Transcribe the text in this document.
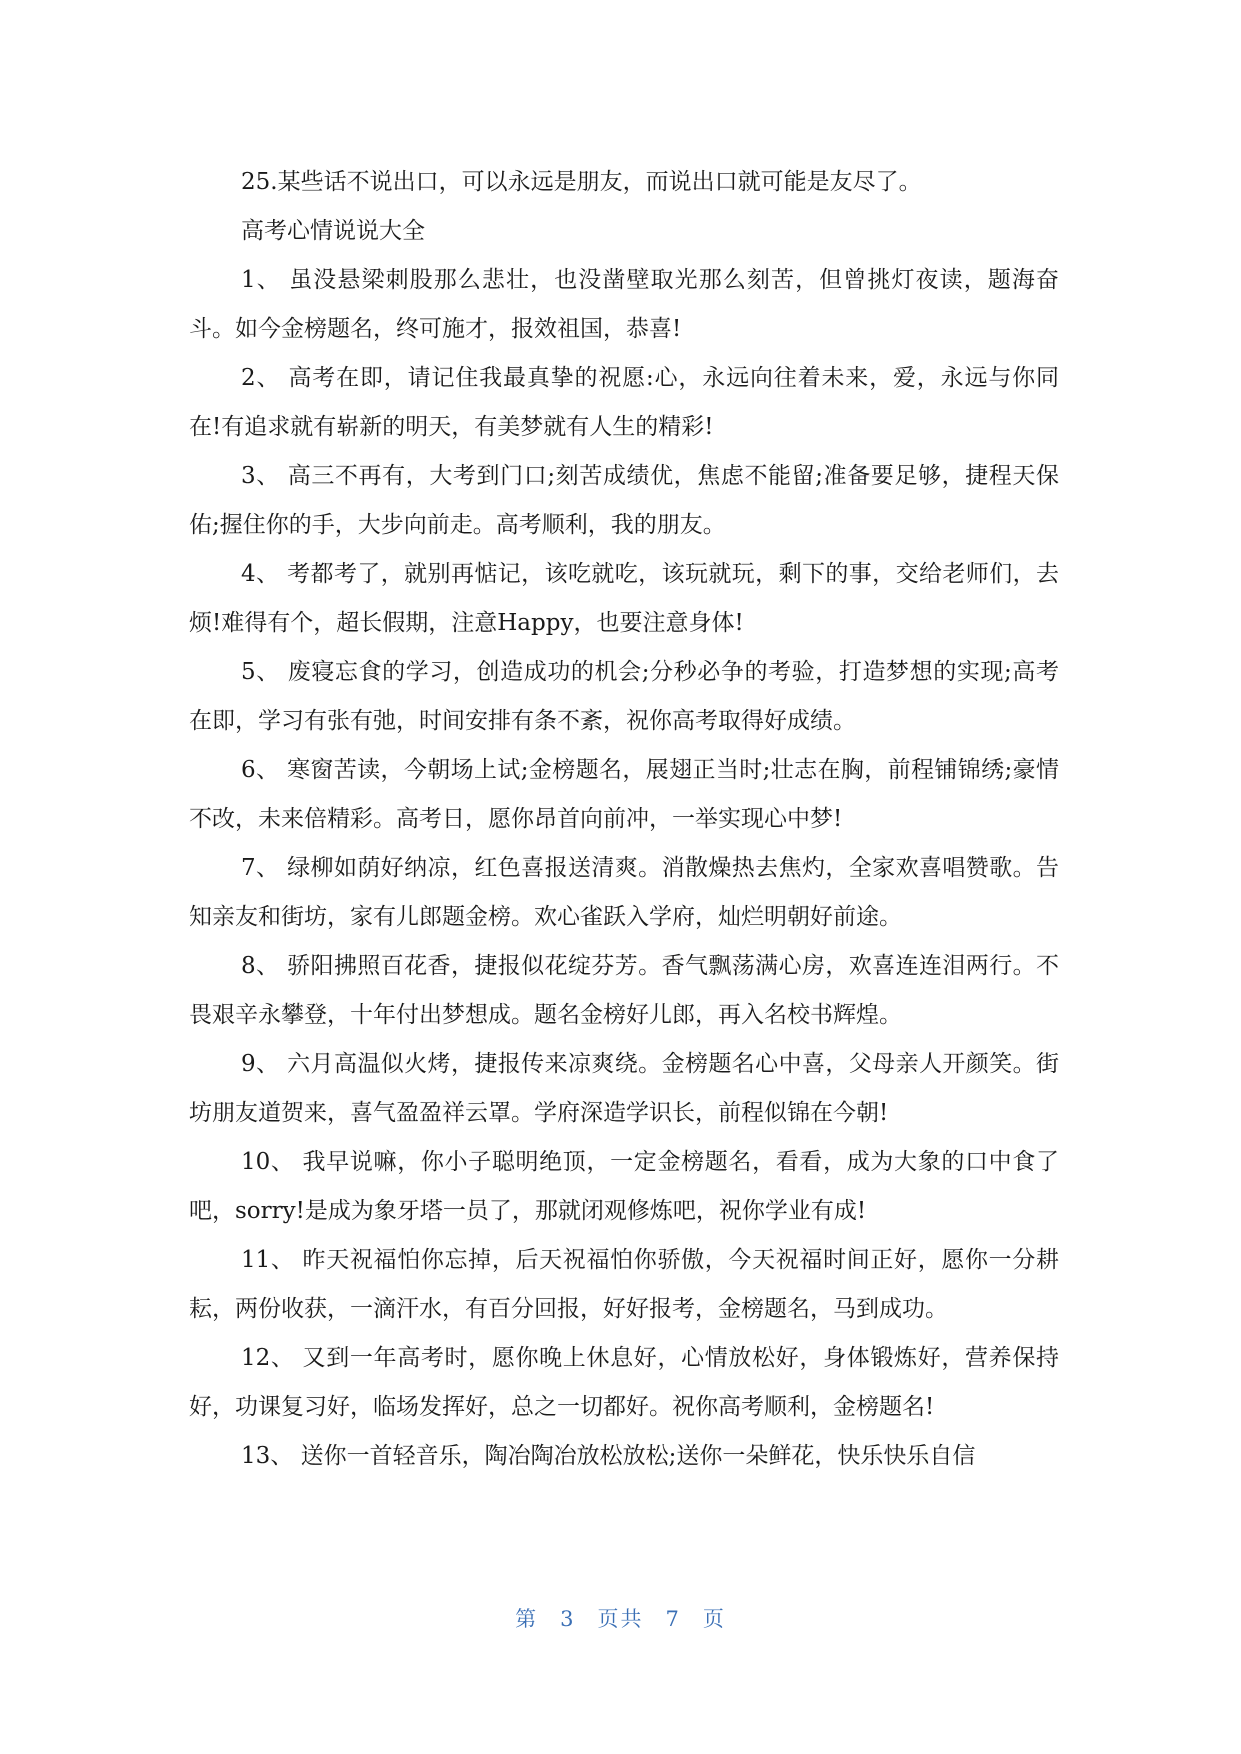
25.某些话不说出口，可以永远是朋友，而说出口就可能是友尽了。

高考心情说说大全

1、 虽没悬梁刺股那么悲壮，也没凿壁取光那么刻苦，但曾挑灯夜读，题海奋斗。如今金榜题名，终可施才，报效祖国，恭喜!

2、 高考在即，请记住我最真挚的祝愿:心，永远向往着未来，爱，永远与你同在!有追求就有崭新的明天，有美梦就有人生的精彩!

3、 高三不再有，大考到门口;刻苦成绩优，焦虑不能留;准备要足够，捷程天保佑;握住你的手，大步向前走。高考顺利，我的朋友。

4、 考都考了，就别再惦记，该吃就吃，该玩就玩，剩下的事，交给老师们，去烦!难得有个，超长假期，注意Happy，也要注意身体!

5、 废寝忘食的学习，创造成功的机会;分秒必争的考验，打造梦想的实现;高考在即，学习有张有弛，时间安排有条不紊，祝你高考取得好成绩。

6、 寒窗苦读，今朝场上试;金榜题名，展翅正当时;壮志在胸，前程铺锦绣;豪情不改，未来倍精彩。高考日，愿你昂首向前冲，一举实现心中梦!

7、 绿柳如荫好纳凉，红色喜报送清爽。消散燥热去焦灼，全家欢喜唱赞歌。告知亲友和街坊，家有儿郎题金榜。欢心雀跃入学府，灿烂明朝好前途。

8、 骄阳拂照百花香，捷报似花绽芬芳。香气飘荡满心房，欢喜连连泪两行。不畏艰辛永攀登，十年付出梦想成。题名金榜好儿郎，再入名校书辉煌。

9、 六月高温似火烤，捷报传来凉爽绕。金榜题名心中喜，父母亲人开颜笑。街坊朋友道贺来，喜气盈盈祥云罩。学府深造学识长，前程似锦在今朝!

10、 我早说嘛，你小子聪明绝顶，一定金榜题名，看看，成为大象的口中食了吧，sorry!是成为象牙塔一员了，那就闭观修炼吧，祝你学业有成!

11、 昨天祝福怕你忘掉，后天祝福怕你骄傲，今天祝福时间正好，愿你一分耕耘，两份收获，一滴汗水，有百分回报，好好报考，金榜题名，马到成功。

12、 又到一年高考时，愿你晚上休息好，心情放松好，身体锻炼好，营养保持好，功课复习好，临场发挥好，总之一切都好。祝你高考顺利，金榜题名!

13、 送你一首轻音乐，陶冶陶冶放松放松;送你一朵鲜花，快乐快乐自信

第 3 页共 7 页
